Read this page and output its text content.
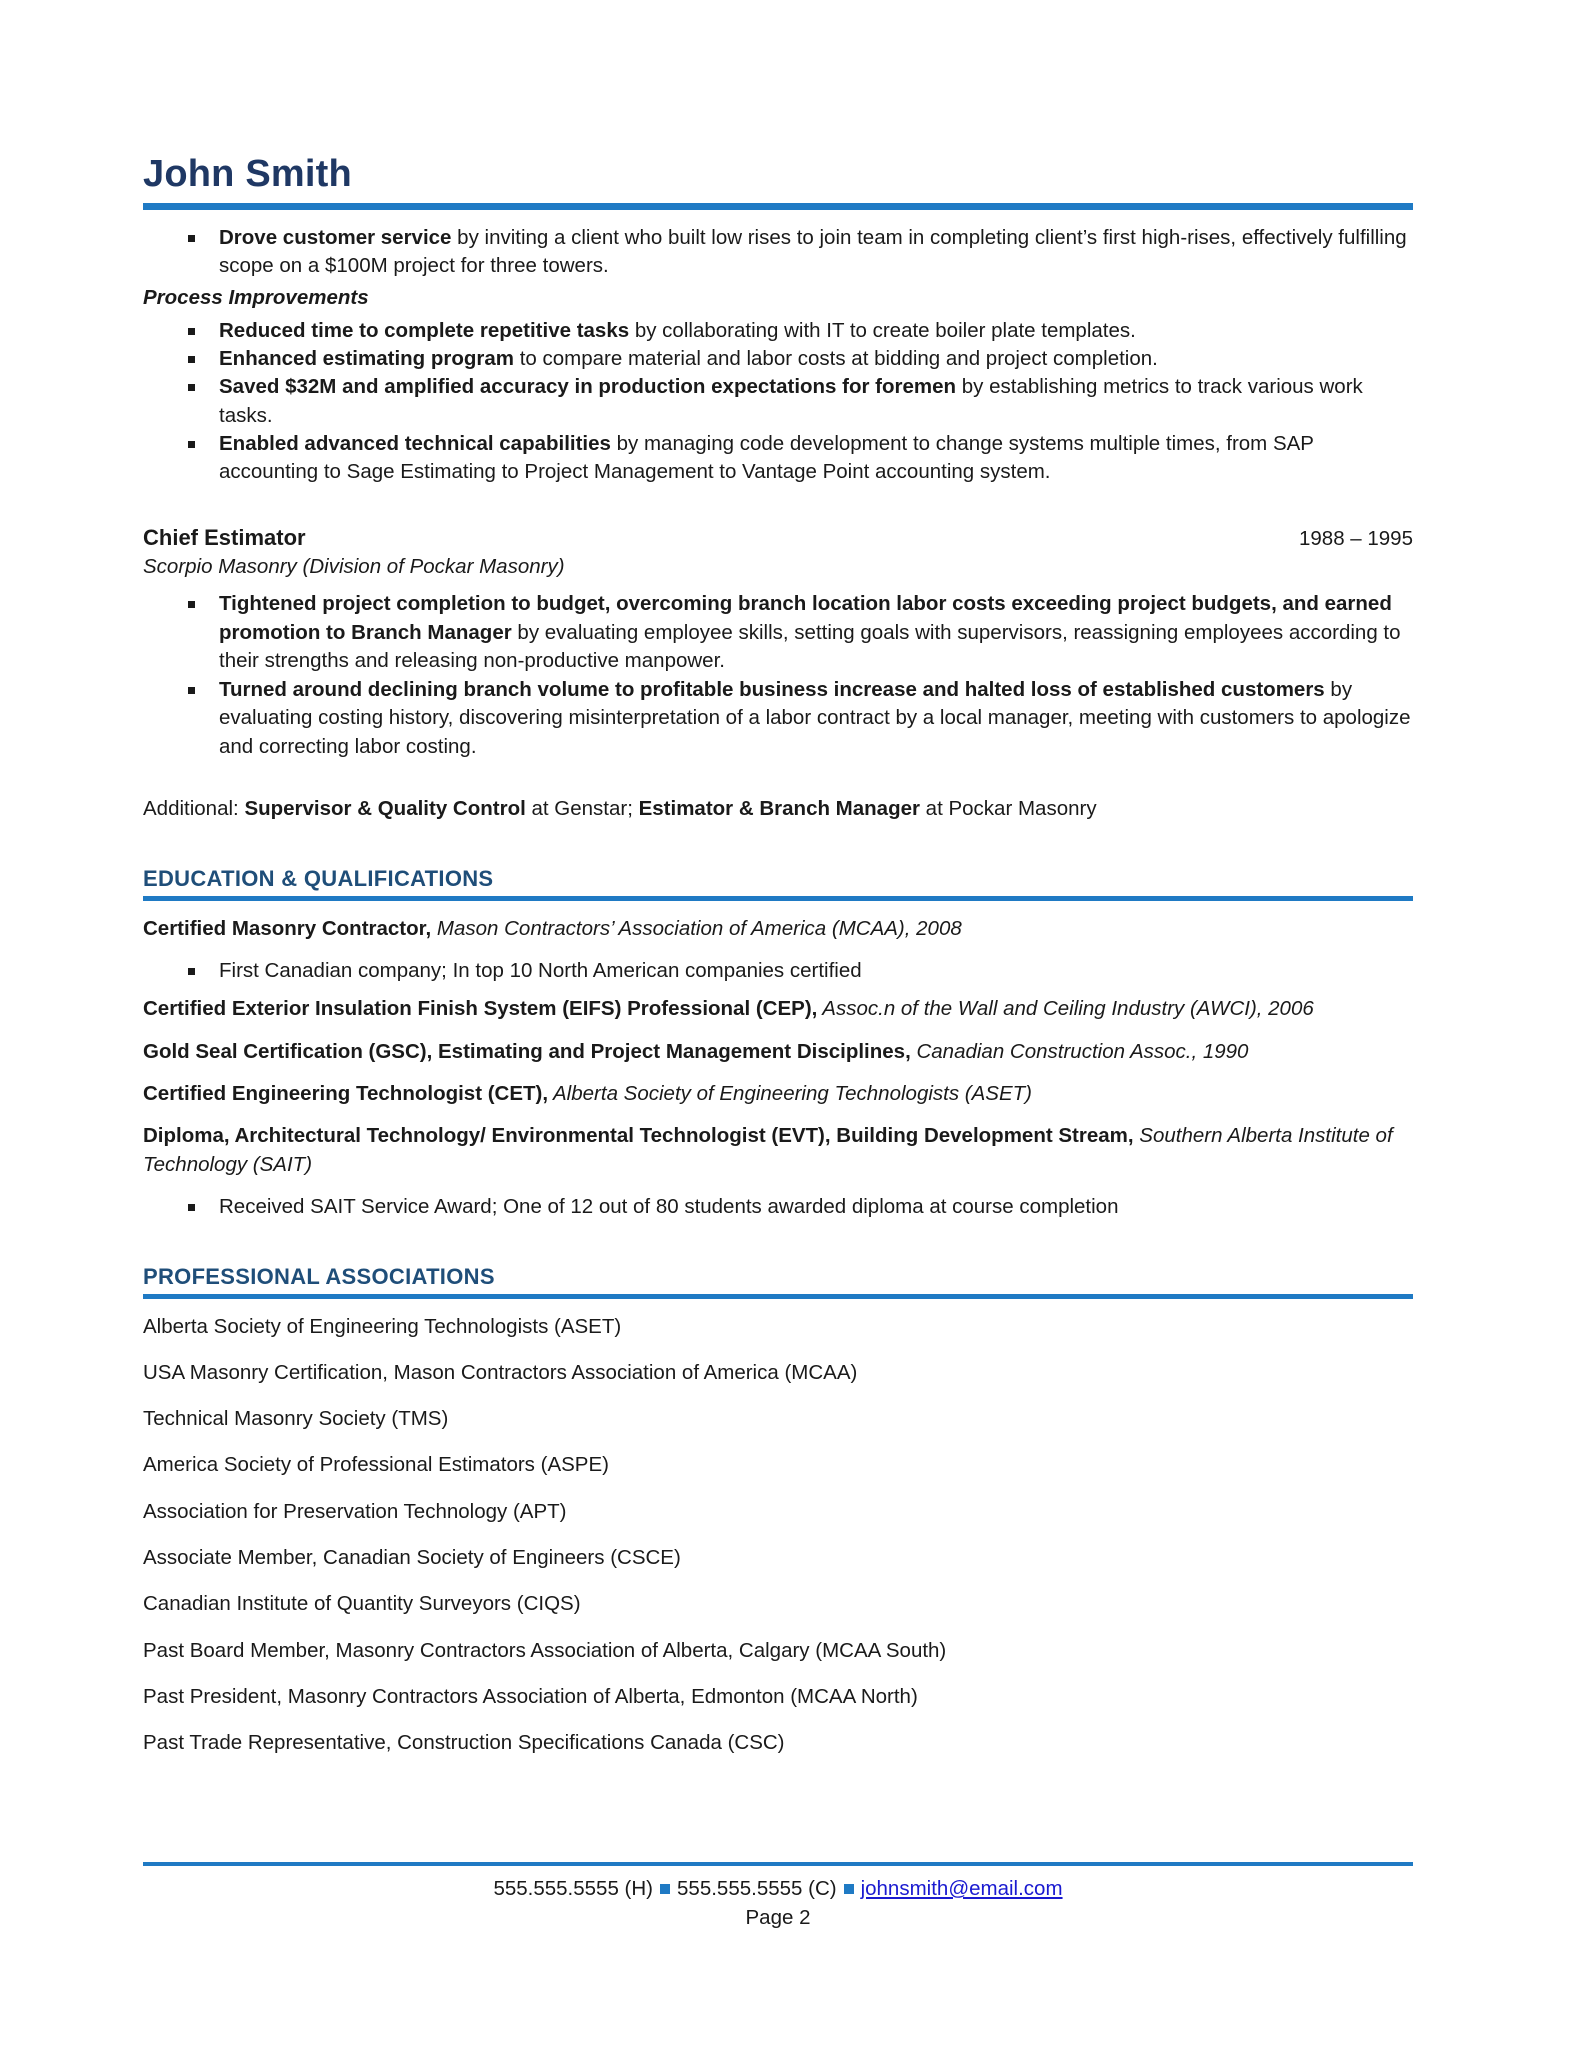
John Smith
Drove customer service by inviting a client who built low rises to join team in completing client’s first high-rises, effectively fulfilling scope on a $100M project for three towers.
Process Improvements
Reduced time to complete repetitive tasks by collaborating with IT to create boiler plate templates.
Enhanced estimating program to compare material and labor costs at bidding and project completion.
Saved $32M and amplified accuracy in production expectations for foremen by establishing metrics to track various work tasks.
Enabled advanced technical capabilities by managing code development to change systems multiple times, from SAP accounting to Sage Estimating to Project Management to Vantage Point accounting system.
Chief Estimator	1988 – 1995
Scorpio Masonry (Division of Pockar Masonry)
Tightened project completion to budget, overcoming branch location labor costs exceeding project budgets, and earned promotion to Branch Manager by evaluating employee skills, setting goals with supervisors, reassigning employees according to their strengths and releasing non-productive manpower.
Turned around declining branch volume to profitable business increase and halted loss of established customers by evaluating costing history, discovering misinterpretation of a labor contract by a local manager, meeting with customers to apologize and correcting labor costing.
Additional: Supervisor & Quality Control at Genstar; Estimator & Branch Manager at Pockar Masonry
EDUCATION & QUALIFICATIONS
Certified Masonry Contractor, Mason Contractors’ Association of America (MCAA), 2008
First Canadian company; In top 10 North American companies certified
Certified Exterior Insulation Finish System (EIFS) Professional (CEP), Assoc.n of the Wall and Ceiling Industry (AWCI), 2006
Gold Seal Certification (GSC), Estimating and Project Management Disciplines, Canadian Construction Assoc., 1990
Certified Engineering Technologist (CET), Alberta Society of Engineering Technologists (ASET)
Diploma, Architectural Technology/ Environmental Technologist (EVT), Building Development Stream, Southern Alberta Institute of Technology (SAIT)
Received SAIT Service Award; One of 12 out of 80 students awarded diploma at course completion
PROFESSIONAL ASSOCIATIONS
Alberta Society of Engineering Technologists (ASET)
USA Masonry Certification, Mason Contractors Association of America (MCAA)
Technical Masonry Society (TMS)
America Society of Professional Estimators (ASPE)
Association for Preservation Technology (APT)
Associate Member, Canadian Society of Engineers (CSCE)
Canadian Institute of Quantity Surveyors (CIQS)
Past Board Member, Masonry Contractors Association of Alberta, Calgary (MCAA South)
Past President, Masonry Contractors Association of Alberta, Edmonton (MCAA North)
Past Trade Representative, Construction Specifications Canada (CSC)
555.555.5555 (H) 555.555.5555 (C) johnsmith@email.com
Page 2
